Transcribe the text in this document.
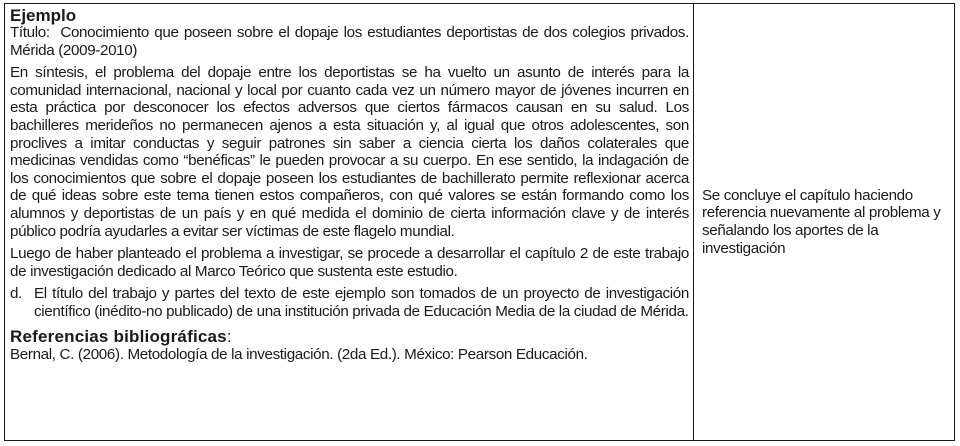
Ejemplo

Título: Conocimiento que poseen sobre el dopaje los estudiantes deportistas de dos colegios privados. Mérida (2009-2010)

En síntesis, el problema del dopaje entre los deportistas se ha vuelto un asunto de interés para la comunidad internacional, nacional y local por cuanto cada vez un número mayor de jóvenes incurren en esta práctica por desconocer los efectos adversos que ciertos fármacos causan en su salud. Los bachilleres merideños no permanecen ajenos a esta situación y, al igual que otros adolescentes, son proclives a imitar conductas y seguir patrones sin saber a ciencia cierta los daños colaterales que medicinas vendidas como “benéficas” le pueden provocar a su cuerpo. En ese sentido, la indagación de los conocimientos que sobre el dopaje poseen los estudiantes de bachillerato permite reflexionar acerca de qué ideas sobre este tema tienen estos compañeros, con qué valores se están formando como los alumnos y deportistas de un país y en qué medida el dominio de cierta información clave y de interés público podría ayudarles a evitar ser víctimas de este flagelo mundial.

Luego de haber planteado el problema a investigar, se procede a desarrollar el capítulo 2 de este trabajo de investigación dedicado al Marco Teórico que sustenta este estudio.

d. El título del trabajo y partes del texto de este ejemplo son tomados de un proyecto de investigación científico (inédito-no publicado) de una institución privada de Educación Media de la ciudad de Mérida.
Referencias bibliográficas:

Bernal, C. (2006). Metodología de la investigación. (2da Ed.). México: Pearson Educación.

Se concluye el capítulo haciendo referencia nuevamente al problema y señalando los aportes de la investigación
